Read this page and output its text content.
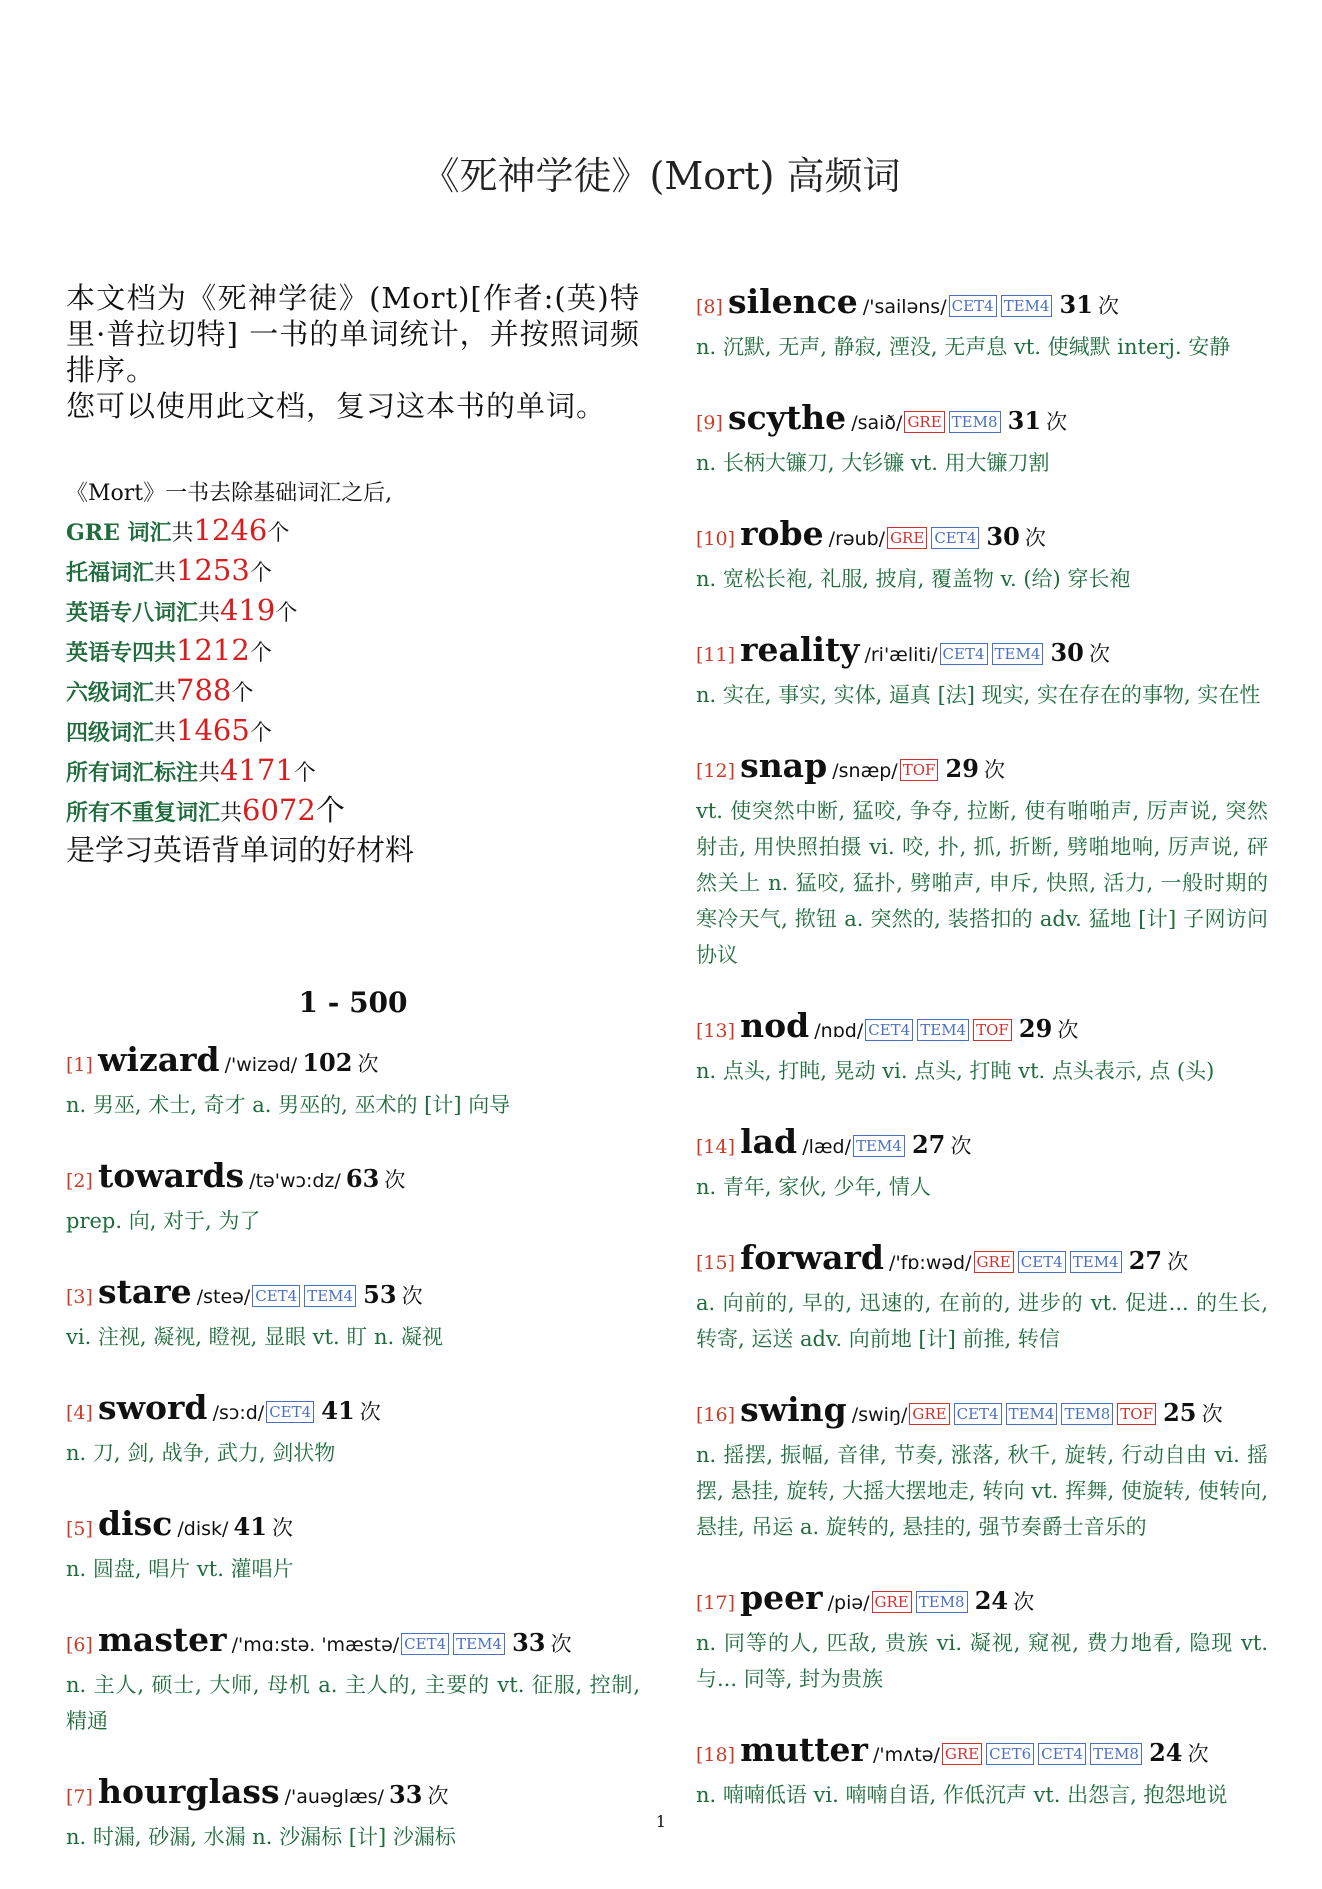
《死神学徒》(Mort) 高频词
本文档为《死神学徒》(Mort)[作者:(英)特里·普拉切特] 一书的单词统计，并按照词频排序。
您可以使用此文档，复习这本书的单词。
《Mort》一书去除基础词汇之后,
GRE 词汇共1246个
托福词汇共1253个
英语专八词汇共419个
英语专四共1212个
六级词汇共788个
四级词汇共1465个
所有词汇标注共4171个
所有不重复词汇共6072个
是学习英语背单词的好材料
1 - 500
[1] wizard /'wizəd/ 102 次
n. 男巫, 术士, 奇才 a. 男巫的, 巫术的 [计] 向导
[2] towards /tə'wɔ:dz/ 63 次
prep. 向, 对于, 为了
[3] stare /steə/ CET4 TEM4 53 次
vi. 注视, 凝视, 瞪视, 显眼 vt. 盯 n. 凝视
[4] sword /sɔ:d/ CET4 41 次
n. 刀, 剑, 战争, 武力, 剑状物
[5] disc /disk/ 41 次
n. 圆盘, 唱片 vt. 灌唱片
[6] master /'mɑ:stə. 'mæstə/ CET4 TEM4 33 次
n. 主人, 硕士, 大师, 母机 a. 主人的, 主要的 vt. 征服, 控制, 精通
[7] hourglass /'auəglæs/ 33 次
n. 时漏, 砂漏, 水漏 n. 沙漏标 [计] 沙漏标
[8] silence /'sailəns/ CET4 TEM4 31 次
n. 沉默, 无声, 静寂, 湮没, 无声息 vt. 使缄默 interj. 安静
[9] scythe /saið/ GRE TEM8 31 次
n. 长柄大镰刀, 大钐镰 vt. 用大镰刀割
[10] robe /rəub/ GRE CET4 30 次
n. 宽松长袍, 礼服, 披肩, 覆盖物 v. (给) 穿长袍
[11] reality /ri'æliti/ CET4 TEM4 30 次
n. 实在, 事实, 实体, 逼真 [法] 现实, 实在存在的事物, 实在性
[12] snap /snæp/ TOF 29 次
vt. 使突然中断, 猛咬, 争夺, 拉断, 使有啪啪声, 厉声说, 突然射击, 用快照拍摄 vi. 咬, 扑, 抓, 折断, 劈啪地响, 厉声说, 砰然关上 n. 猛咬, 猛扑, 劈啪声, 申斥, 快照, 活力, 一般时期的寒冷天气, 揿钮 a. 突然的, 装搭扣的 adv. 猛地 [计] 子网访问协议
[13] nod /nɒd/ CET4 TEM4 TOF 29 次
n. 点头, 打盹, 晃动 vi. 点头, 打盹 vt. 点头表示, 点 (头)
[14] lad /læd/ TEM4 27 次
n. 青年, 家伙, 少年, 情人
[15] forward /'fɒ:wəd/ GRE CET4 TEM4 27 次
a. 向前的, 早的, 迅速的, 在前的, 进步的 vt. 促进... 的生长, 转寄, 运送 adv. 向前地 [计] 前推, 转信
[16] swing /swiŋ/ GRE CET4 TEM4 TEM8 TOF 25 次
n. 摇摆, 振幅, 音律, 节奏, 涨落, 秋千, 旋转, 行动自由 vi. 摇摆, 悬挂, 旋转, 大摇大摆地走, 转向 vt. 挥舞, 使旋转, 使转向, 悬挂, 吊运 a. 旋转的, 悬挂的, 强节奏爵士音乐的
[17] peer /piə/ GRE TEM8 24 次
n. 同等的人, 匹敌, 贵族 vi. 凝视, 窥视, 费力地看, 隐现 vt. 与... 同等, 封为贵族
[18] mutter /'mʌtə/ GRE CET6 CET4 TEM8 24 次
n. 喃喃低语 vi. 喃喃自语, 作低沉声 vt. 出怨言, 抱怨地说
1
